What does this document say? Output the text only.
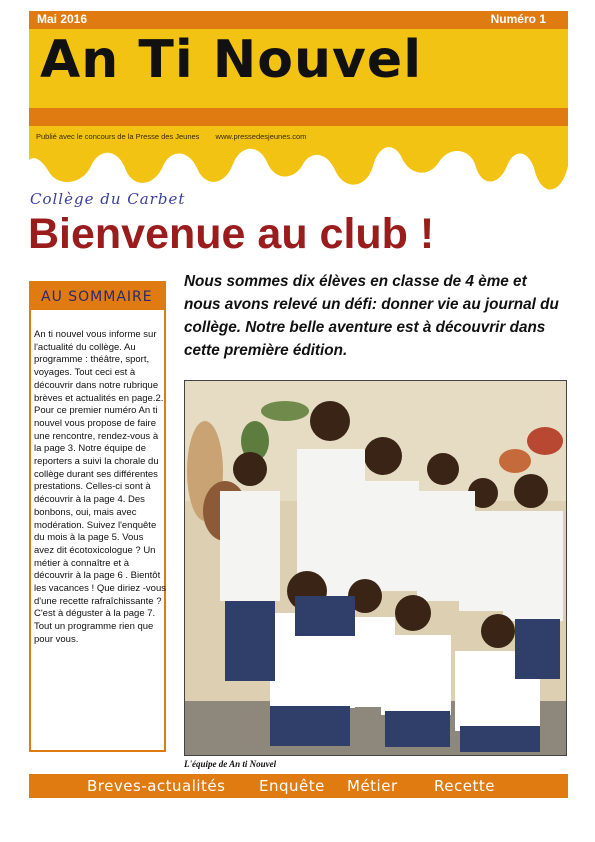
Mai 2016	Numéro 1
An Ti Nouvel
Publié avec le concours de la Presse des Jeunes www.pressedesjeunes.com
Collège du Carbet
Bienvenue au club !
AU SOMMAIRE

An ti nouvel vous informe sur l'actualité du collège. Au programme : théâtre, sport, voyages. Tout ceci est à découvrir dans notre rubrique brèves et actualités en page.2.

Pour ce premier numéro An ti nouvel vous propose de faire une rencontre, rendez-vous à la page 3. Notre équipe de reporters a suivi la chorale du collège durant ses différentes prestations. Celles-ci sont à découvrir à la page 4. Des bonbons, oui, mais avec modération. Suivez l'enquête du mois à la page 5. Vous avez dit écotoxicologue ? Un métier à connaître et à découvrir à la page 6 . Bientôt les vacances ! Que diriez -vous d'une recette rafraîchissante ? C'est à déguster à la page 7. Tout un programme rien que pour vous.

Nous sommes dix élèves en classe de 4 ème et nous avons relevé un défi: donner vie au journal du collège. Notre belle aventure est à découvrir dans cette première édition.
L'équipe de An ti Nouvel
Breves-actualités Enquête Métier Recette
